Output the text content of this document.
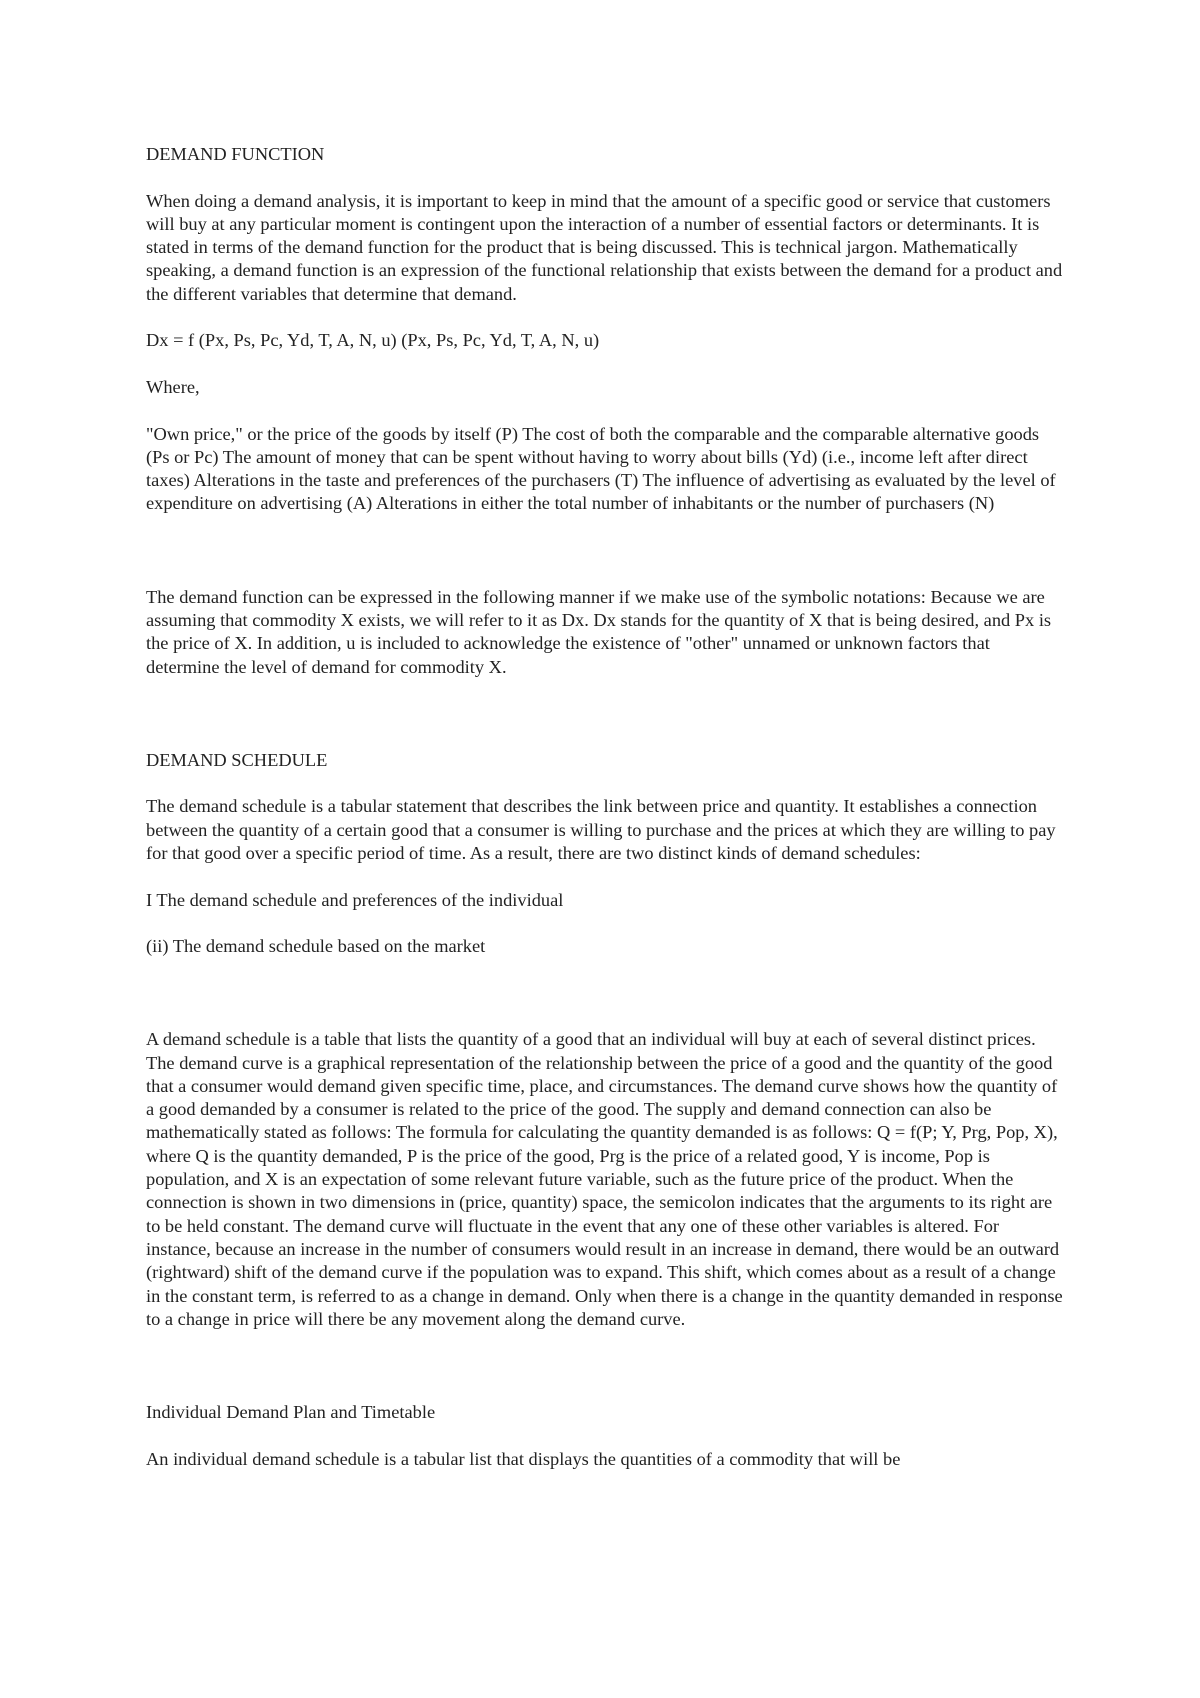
DEMAND FUNCTION

When doing a demand analysis, it is important to keep in mind that the amount of a specific good or service that customers will buy at any particular moment is contingent upon the interaction of a number of essential factors or determinants. It is stated in terms of the demand function for the product that is being discussed. This is technical jargon. Mathematically speaking, a demand function is an expression of the functional relationship that exists between the demand for a product and the different variables that determine that demand.

Dx = f (Px, Ps, Pc, Yd, T, A, N, u) (Px, Ps, Pc, Yd, T, A, N, u)

Where,

"Own price," or the price of the goods by itself (P) The cost of both the comparable and the comparable alternative goods (Ps or Pc) The amount of money that can be spent without having to worry about bills (Yd) (i.e., income left after direct taxes) Alterations in the taste and preferences of the purchasers (T) The influence of advertising as evaluated by the level of expenditure on advertising (A) Alterations in either the total number of inhabitants or the number of purchasers (N)

The demand function can be expressed in the following manner if we make use of the symbolic notations: Because we are assuming that commodity X exists, we will refer to it as Dx. Dx stands for the quantity of X that is being desired, and Px is the price of X. In addition, u is included to acknowledge the existence of "other" unnamed or unknown factors that determine the level of demand for commodity X.

DEMAND SCHEDULE

The demand schedule is a tabular statement that describes the link between price and quantity. It establishes a connection between the quantity of a certain good that a consumer is willing to purchase and the prices at which they are willing to pay for that good over a specific period of time. As a result, there are two distinct kinds of demand schedules:

I The demand schedule and preferences of the individual

(ii) The demand schedule based on the market

A demand schedule is a table that lists the quantity of a good that an individual will buy at each of several distinct prices. The demand curve is a graphical representation of the relationship between the price of a good and the quantity of the good that a consumer would demand given specific time, place, and circumstances. The demand curve shows how the quantity of a good demanded by a consumer is related to the price of the good. The supply and demand connection can also be mathematically stated as follows: The formula for calculating the quantity demanded is as follows: Q = f(P; Y, Prg, Pop, X), where Q is the quantity demanded, P is the price of the good, Prg is the price of a related good, Y is income, Pop is population, and X is an expectation of some relevant future variable, such as the future price of the product. When the connection is shown in two dimensions in (price, quantity) space, the semicolon indicates that the arguments to its right are to be held constant. The demand curve will fluctuate in the event that any one of these other variables is altered. For instance, because an increase in the number of consumers would result in an increase in demand, there would be an outward (rightward) shift of the demand curve if the population was to expand. This shift, which comes about as a result of a change in the constant term, is referred to as a change in demand. Only when there is a change in the quantity demanded in response to a change in price will there be any movement along the demand curve.

Individual Demand Plan and Timetable

An individual demand schedule is a tabular list that displays the quantities of a commodity that will be
